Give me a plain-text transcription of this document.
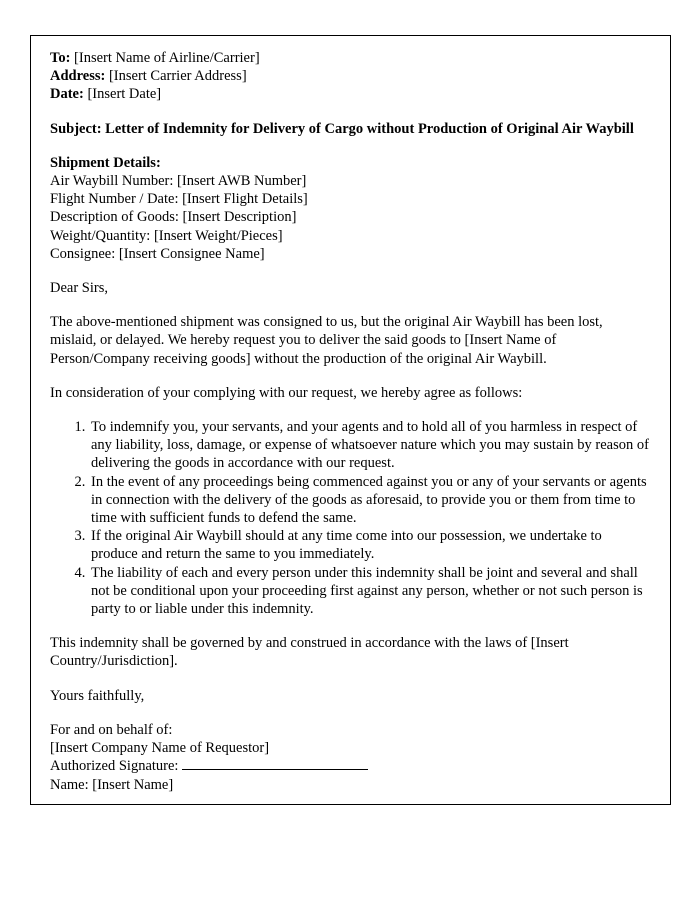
To: [Insert Name of Airline/Carrier]

Address: [Insert Carrier Address]

Date: [Insert Date]

Subject: Letter of Indemnity for Delivery of Cargo without Production of Original Air Waybill

Shipment Details:

Air Waybill Number: [Insert AWB Number]

Flight Number / Date: [Insert Flight Details]

Description of Goods: [Insert Description]

Weight/Quantity: [Insert Weight/Pieces]

Consignee: [Insert Consignee Name]

Dear Sirs,

The above-mentioned shipment was consigned to us, but the original Air Waybill has been lost, mislaid, or delayed. We hereby request you to deliver the said goods to [Insert Name of Person/Company receiving goods] without the production of the original Air Waybill.

In consideration of your complying with our request, we hereby agree as follows:

1. To indemnify you, your servants, and your agents and to hold all of you harmless in respect of any liability, loss, damage, or expense of whatsoever nature which you may sustain by reason of delivering the goods in accordance with our request.
2. In the event of any proceedings being commenced against you or any of your servants or agents in connection with the delivery of the goods as aforesaid, to provide you or them from time to time with sufficient funds to defend the same.
3. If the original Air Waybill should at any time come into our possession, we undertake to produce and return the same to you immediately.
4. The liability of each and every person under this indemnity shall be joint and several and shall not be conditional upon your proceeding first against any person, whether or not such person is party to or liable under this indemnity.

This indemnity shall be governed by and construed in accordance with the laws of [Insert Country/Jurisdiction].

Yours faithfully,

For and on behalf of:

[Insert Company Name of Requestor]

Authorized Signature:

Name: [Insert Name]
